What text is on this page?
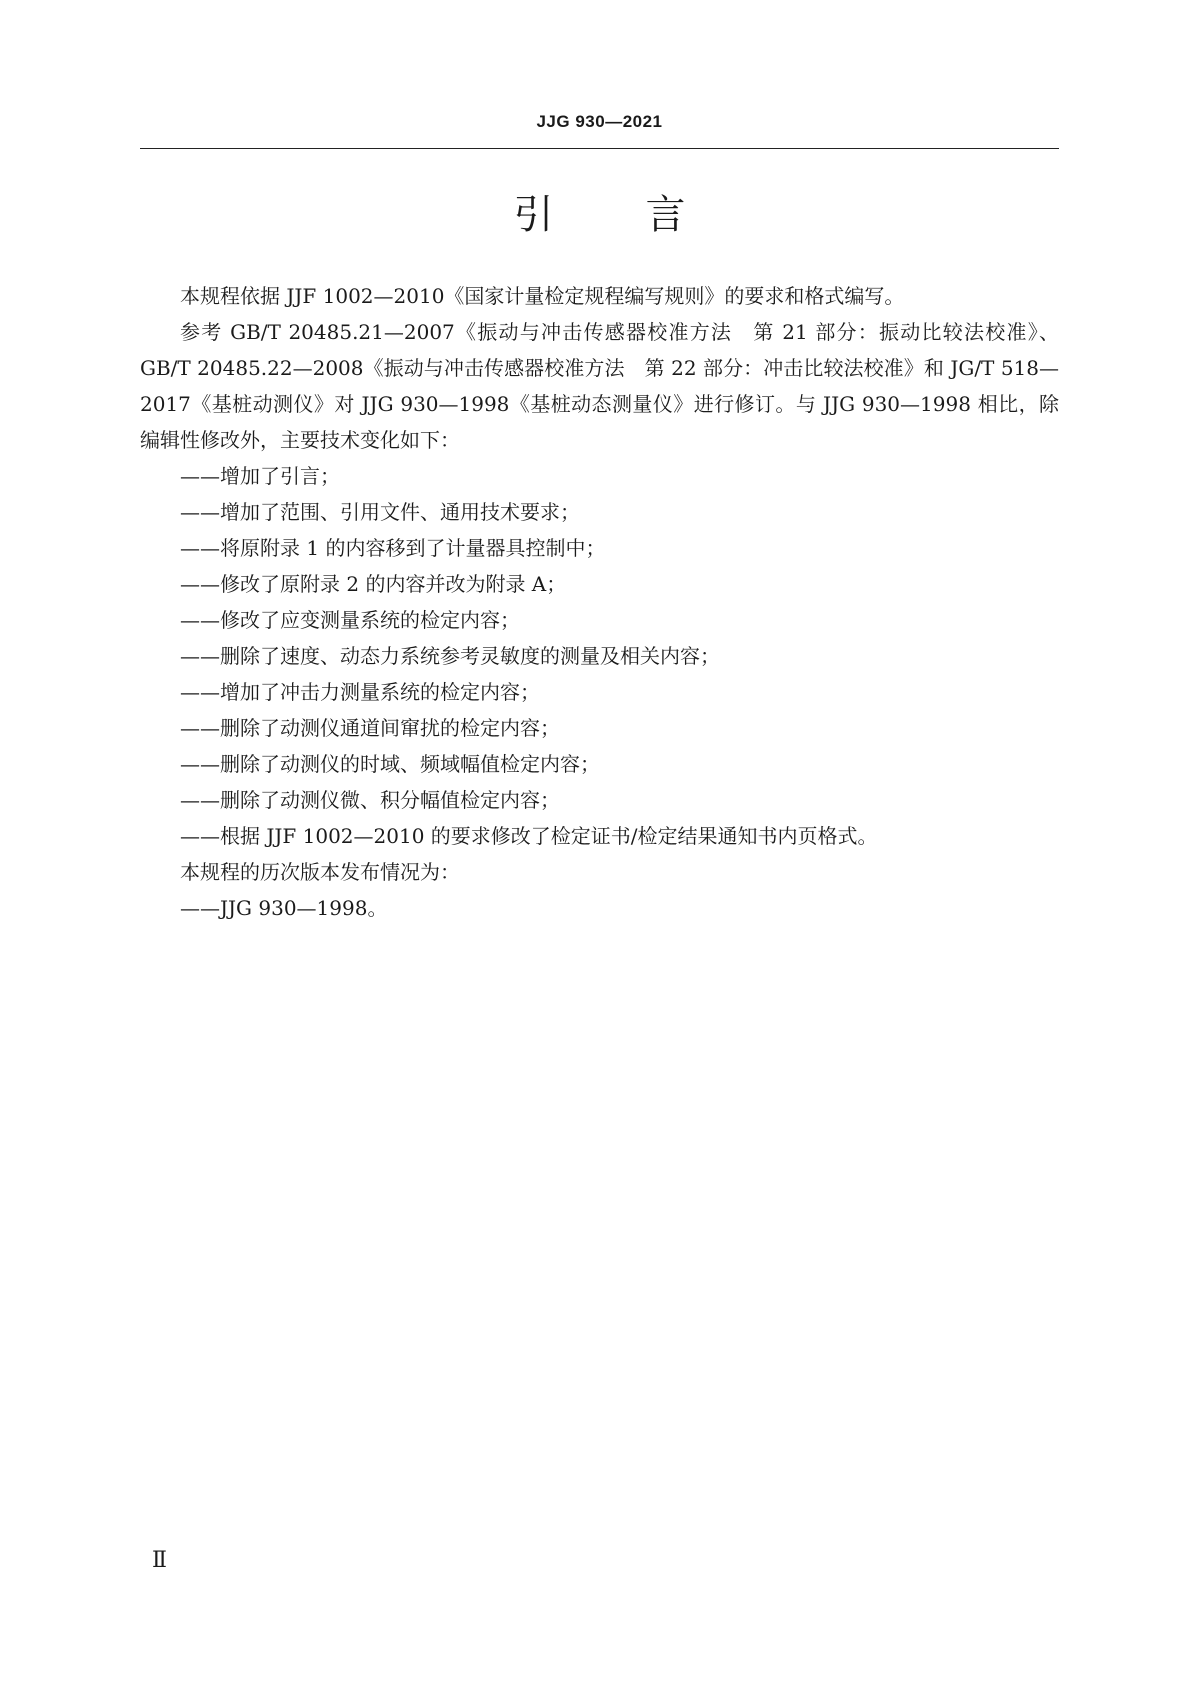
JJG 930—2021
引 言

本规程依据 JJF 1002—2010《国家计量检定规程编写规则》的要求和格式编写。

参考 GB/T 20485.21—2007《振动与冲击传感器校准方法　第 21 部分：振动比较法校准》、GB/T 20485.22—2008《振动与冲击传感器校准方法　第 22 部分：冲击比较法校准》和 JG/T 518—2017《基桩动测仪》对 JJG 930—1998《基桩动态测量仪》进行修订。与 JJG 930—1998 相比，除编辑性修改外，主要技术变化如下：

——增加了引言；

——增加了范围、引用文件、通用技术要求；

——将原附录 1 的内容移到了计量器具控制中；

——修改了原附录 2 的内容并改为附录 A；

——修改了应变测量系统的检定内容；

——删除了速度、动态力系统参考灵敏度的测量及相关内容；

——增加了冲击力测量系统的检定内容；

——删除了动测仪通道间窜扰的检定内容；

——删除了动测仪的时域、频域幅值检定内容；

——删除了动测仪微、积分幅值检定内容；

——根据 JJF 1002—2010 的要求修改了检定证书/检定结果通知书内页格式。

本规程的历次版本发布情况为：

——JJG 930—1998。

Ⅱ
